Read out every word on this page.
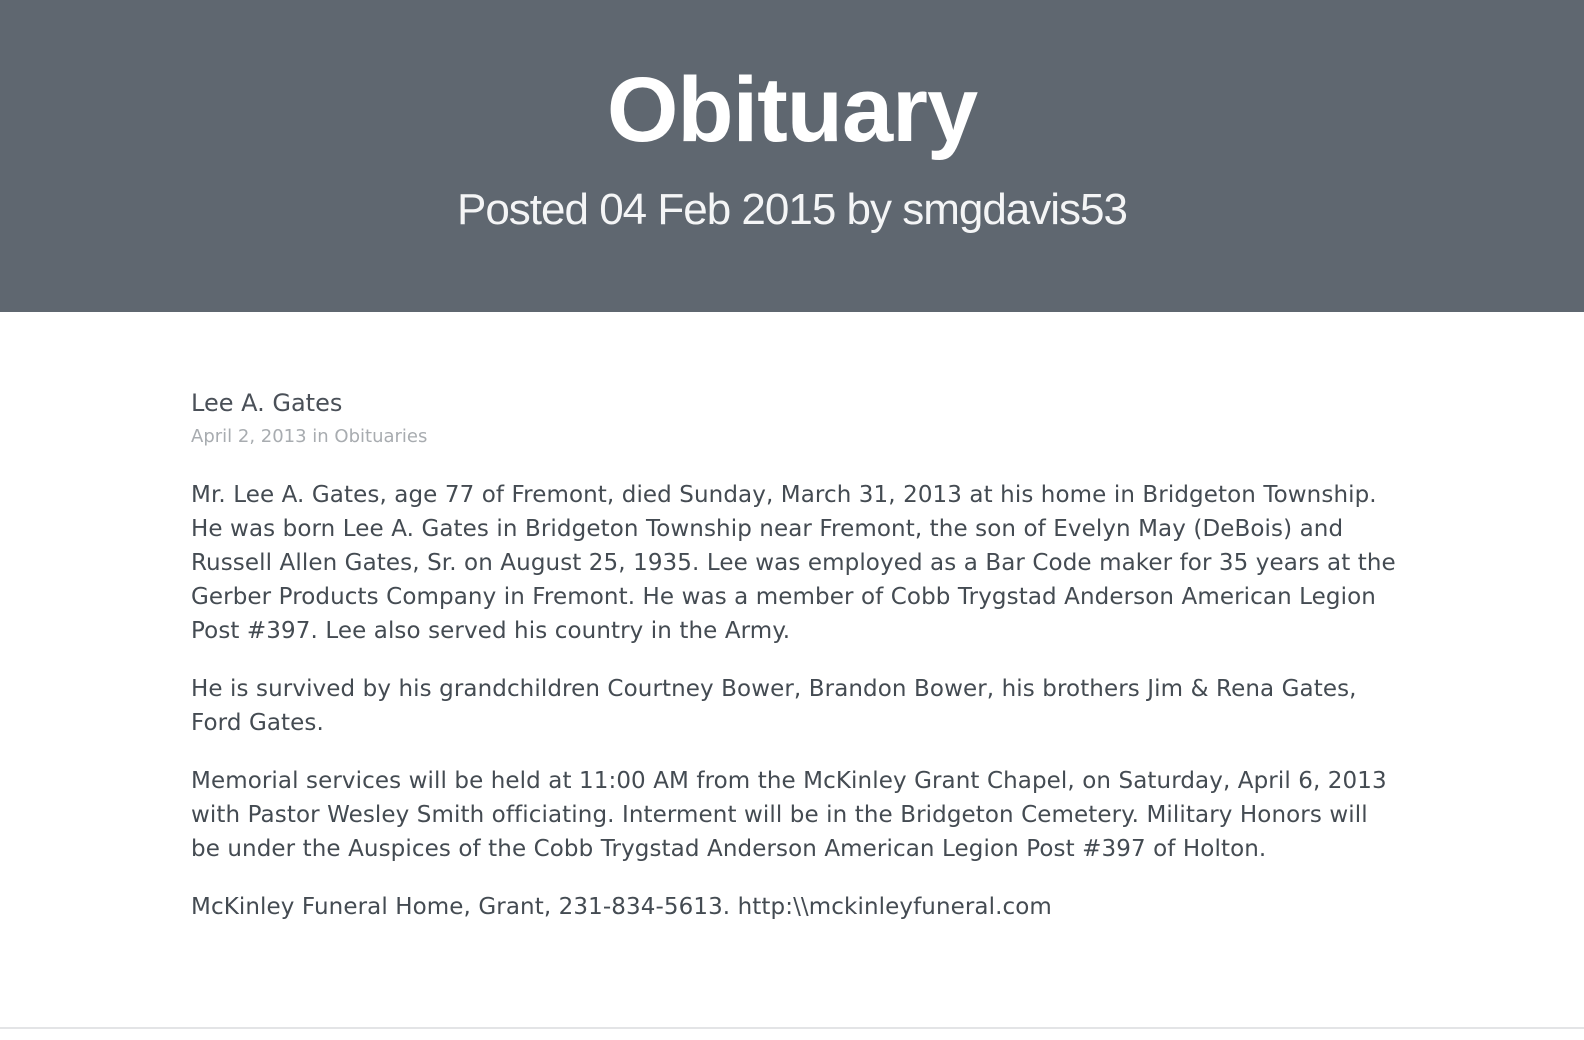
Obituary
Posted 04 Feb 2015 by smgdavis53
Lee A. Gates
April 2, 2013 in Obituaries

Mr. Lee A. Gates, age 77 of Fremont, died Sunday, March 31, 2013 at his home in Bridgeton Township. He was born Lee A. Gates in Bridgeton Township near Fremont, the son of Evelyn May (DeBois) and Russell Allen Gates, Sr. on August 25, 1935. Lee was employed as a Bar Code maker for 35 years at the Gerber Products Company in Fremont. He was a member of Cobb Trygstad Anderson American Legion Post #397. Lee also served his country in the Army.

He is survived by his grandchildren Courtney Bower, Brandon Bower, his brothers Jim & Rena Gates, Ford Gates.

Memorial services will be held at 11:00 AM from the McKinley Grant Chapel, on Saturday, April 6, 2013 with Pastor Wesley Smith officiating. Interment will be in the Bridgeton Cemetery. Military Honors will be under the Auspices of the Cobb Trygstad Anderson American Legion Post #397 of Holton.

McKinley Funeral Home, Grant, 231-834-5613. http:\\mckinleyfuneral.com
